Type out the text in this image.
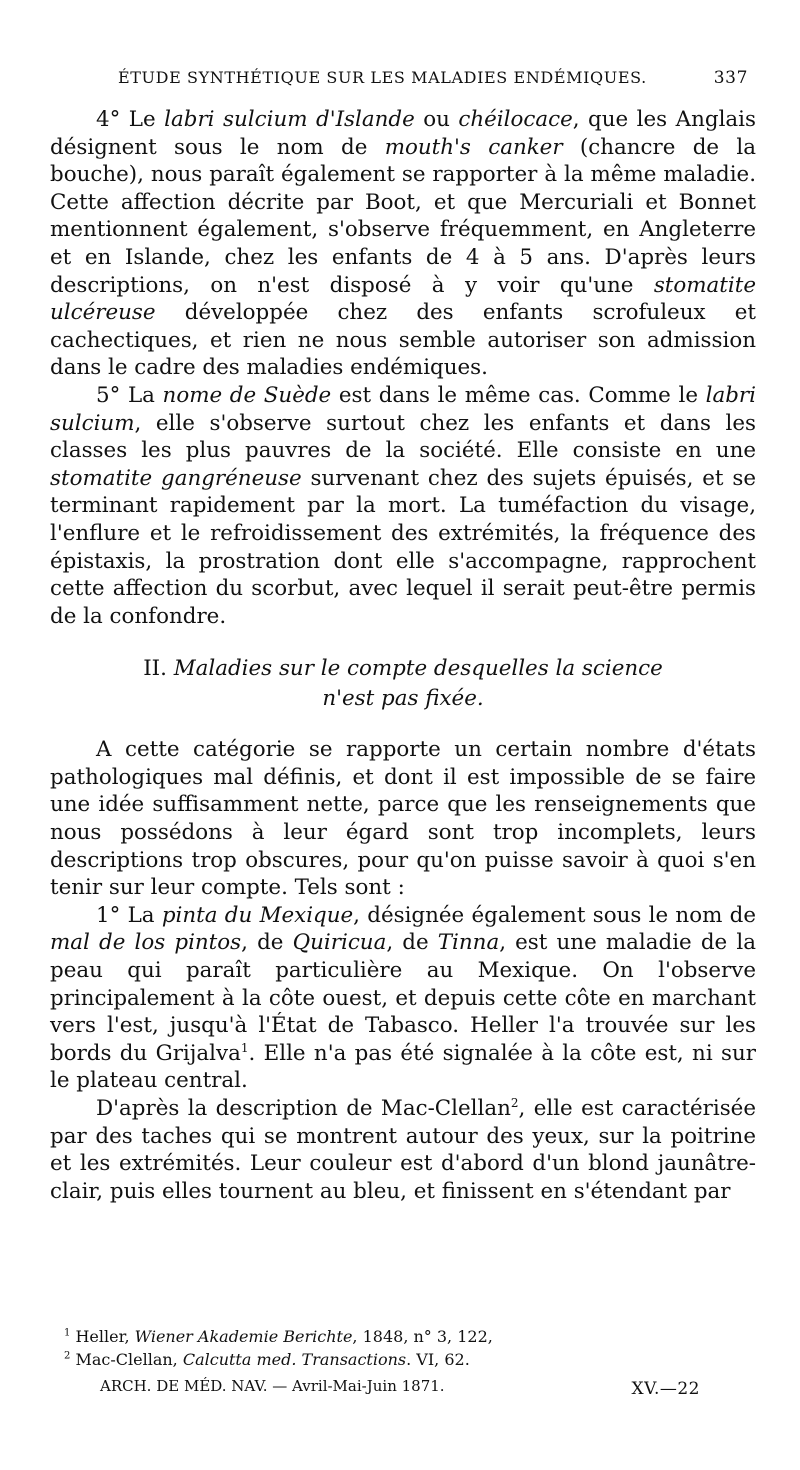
ÉTUDE SYNTHÉTIQUE SUR LES MALADIES ENDÉMIQUES.	337

4° Le labri sulcium d'Islande ou chéilocace, que les Anglais désignent sous le nom de mouth's canker (chancre de la bouche), nous paraît également se rapporter à la même maladie. Cette affection décrite par Boot, et que Mercuriali et Bonnet mentionnent également, s'observe fréquemment, en Angleterre et en Islande, chez les enfants de 4 à 5 ans. D'après leurs descriptions, on n'est disposé à y voir qu'une stomatite ulcéreuse développée chez des enfants scrofuleux et cachectiques, et rien ne nous semble autoriser son admission dans le cadre des maladies endémiques.

5° La nome de Suède est dans le même cas. Comme le labri sulcium, elle s'observe surtout chez les enfants et dans les classes les plus pauvres de la société. Elle consiste en une stomatite gangréneuse survenant chez des sujets épuisés, et se terminant rapidement par la mort. La tuméfaction du visage, l'enflure et le refroidissement des extrémités, la fréquence des épistaxis, la prostration dont elle s'accompagne, rapprochent cette affection du scorbut, avec lequel il serait peut-être permis de la confondre.

II. Maladies sur le compte desquelles la science n'est pas fixée.

A cette catégorie se rapporte un certain nombre d'états pathologiques mal définis, et dont il est impossible de se faire une idée suffisamment nette, parce que les renseignements que nous possédons à leur égard sont trop incomplets, leurs descriptions trop obscures, pour qu'on puisse savoir à quoi s'en tenir sur leur compte. Tels sont :

1° La pinta du Mexique, désignée également sous le nom de mal de los pintos, de Quiricua, de Tinna, est une maladie de la peau qui paraît particulière au Mexique. On l'observe principalement à la côte ouest, et depuis cette côte en marchant vers l'est, jusqu'à l'État de Tabasco. Heller l'a trouvée sur les bords du Grijalva$^1$. Elle n'a pas été signalée à la côte est, ni sur le plateau central.

D'après la description de Mac-Clellan$^2$, elle est caractérisée par des taches qui se montrent autour des yeux, sur la poitrine et les extrémités. Leur couleur est d'abord d'un blond jaunâtre-clair, puis elles tournent au bleu, et finissent en s'étendant par

$^1$ Heller, Wiener Akademie Berichte, 1848, n° 3, 122,

$^2$ Mac-Clellan, Calcutta med. Transactions. VI, 62.

ARCH. DE MÉD. NAV. — Avril-Mai-Juin 1871.	XV.—22
